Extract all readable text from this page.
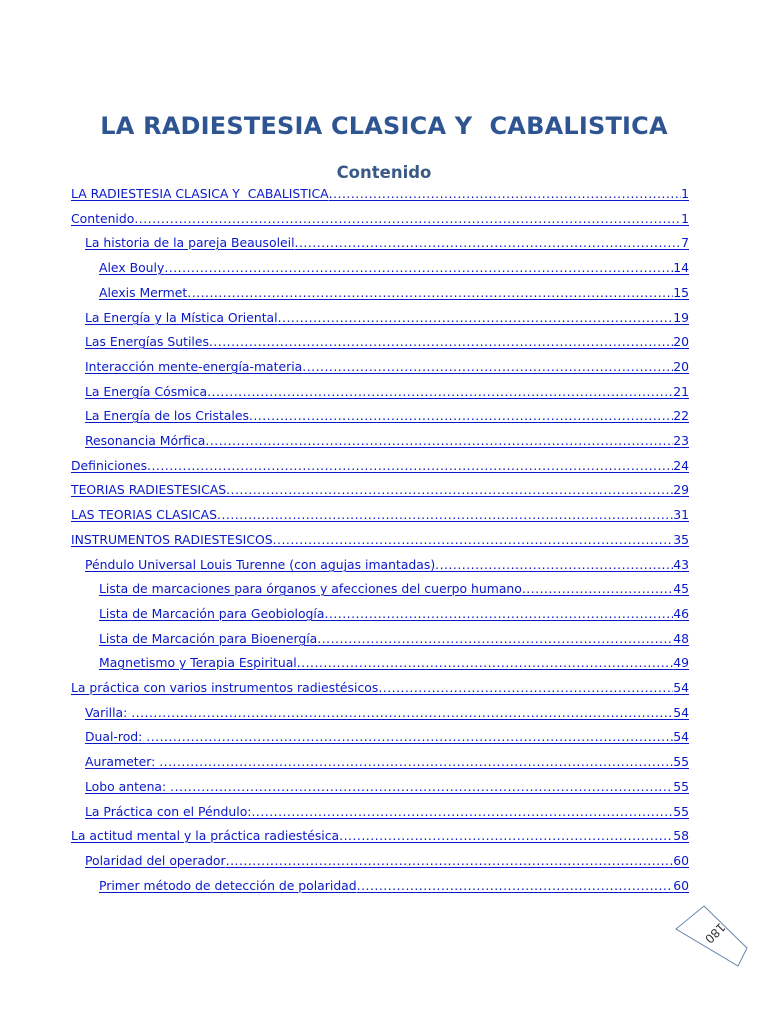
LA RADIESTESIA CLASICA Y  CABALISTICA
Contenido
LA RADIESTESIA CLASICA Y  CABALISTICA .....	1
Contenido .....	1
La historia de la pareja Beausoleil .....	7
Alex Bouly .....	14
Alexis Mermet .....	15
La Energía y la Mística Oriental .....	19
Las Energías Sutiles .....	20
Interacción mente-energía-materia .....	20
La Energía Cósmica .....	21
La Energía de los Cristales .....	22
Resonancia Mórfica .....	23
Definiciones .....	24
TEORIAS RADIESTESICAS .....	29
LAS TEORIAS CLASICAS .....	31
INSTRUMENTOS RADIESTESICOS .....	35
Péndulo Universal Louis Turenne (con agujas imantadas) .....	43
Lista de marcaciones para órganos y afecciones del cuerpo humano .....	45
Lista de Marcación para Geobiología .....	46
Lista de Marcación para Bioenergía .....	48
Magnetismo y Terapia Espiritual .....	49
La práctica con varios instrumentos radiestésicos .....	54
Varilla: .....	54
Dual-rod: .....	54
Aurameter: .....	55
Lobo antena: .....	55
La Práctica con el Péndulo: .....	55
La actitud mental y la práctica radiestésica .....	58
Polaridad del operador .....	60
Primer método de detección de polaridad .....	60
180
